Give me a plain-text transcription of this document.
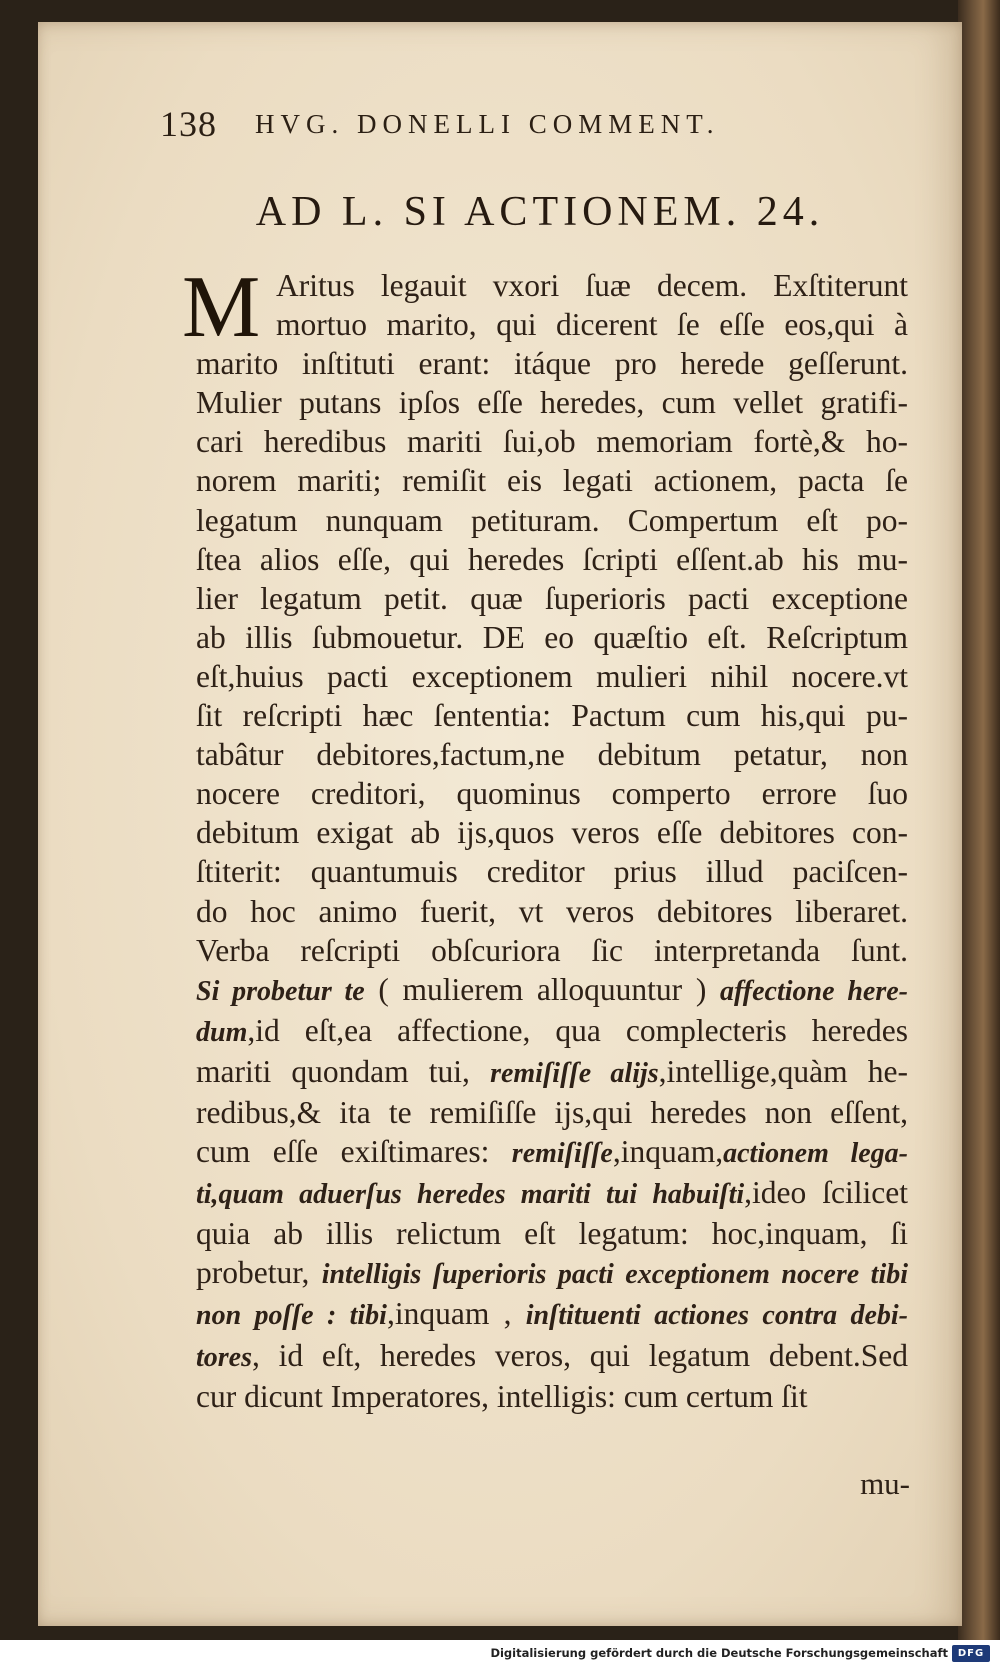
138 HVG. DONELLI COMMENT.
AD L. SI ACTIONEM. 24.
M Aritus legauit vxori ſuæ decem. Exſtiterunt
mortuo marito, qui dicerent ſe eſſe eos,qui à
marito inſtituti erant: itáque pro herede geſſerunt.
Mulier putans ipſos eſſe heredes, cum vellet gratifi-
cari heredibus mariti ſui,ob memoriam fortè,& ho-
norem mariti; remiſit eis legati actionem, pacta ſe
legatum nunquam petituram. Compertum eſt po-
ſtea alios eſſe, qui heredes ſcripti eſſent.ab his mu-
lier legatum petit. quæ ſuperioris pacti exceptione
ab illis ſubmouetur. DE eo quæſtio eſt. Reſcriptum
eſt,huius pacti exceptionem mulieri nihil nocere.vt
ſit reſcripti hæc ſententia: Pactum cum his,qui pu-
tabâtur debitores,factum,ne debitum petatur, non
nocere creditori, quominus comperto errore ſuo
debitum exigat ab ijs,quos veros eſſe debitores con-
ſtiterit: quantumuis creditor prius illud paciſcen-
do hoc animo fuerit, vt veros debitores liberaret.
Verba reſcripti obſcuriora ſic interpretanda ſunt.
Si probetur te ( mulierem alloquuntur ) affectione here-
dum,id eſt,ea affectione, qua complecteris heredes
mariti quondam tui, remiſiſſe alijs,intellige,quàm he-
redibus,& ita te remiſiſſe ijs,qui heredes non eſſent,
cum eſſe exiſtimares: remiſiſſe,inquam,actionem lega-
ti,quam aduerſus heredes mariti tui habuiſti,ideo ſcilicet
quia ab illis relictum eſt legatum: hoc,inquam, ſi
probetur, intelligis ſuperioris pacti exceptionem nocere tibi
non poſſe : tibi,inquam , inſtituenti actiones contra debi-
tores, id eſt, heredes veros, qui legatum debent.Sed
cur dicunt Imperatores, intelligis: cum certum ſit
mu-
Digitalisierung gefördert durch die Deutsche Forschungsgemeinschaft DFG
